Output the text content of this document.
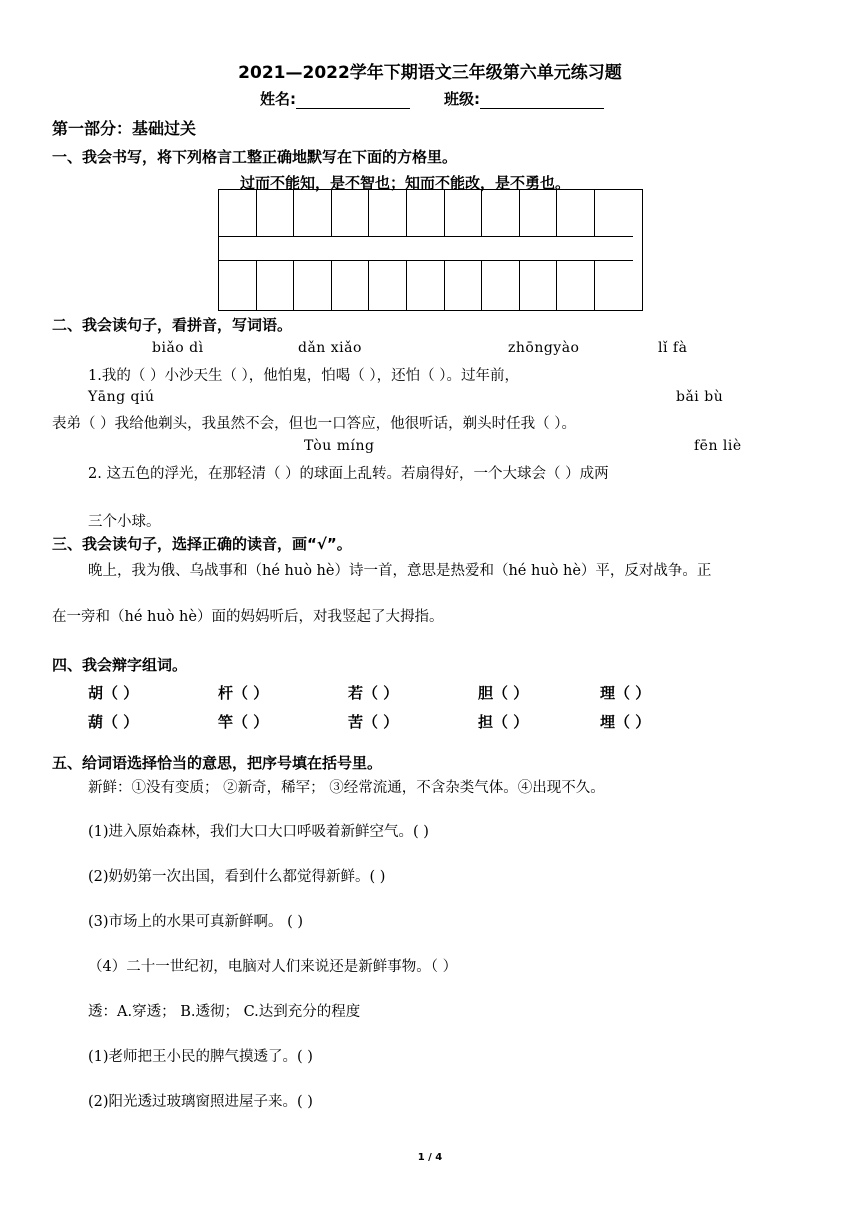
2021—2022学年下期语文三年级第六单元练习题
姓名:	班级:
第一部分：基础过关
一、我会书写，将下列格言工整正确地默写在下面的方格里。
过而不能知，是不智也；知而不能改，是不勇也。
二、我会读句子，看拼音，写词语。
biǎo dì	dǎn xiǎo	zhōngyào	lǐ fà
1.我的（ ）小沙天生（ ），他怕鬼，怕喝（ ），还怕（ ）。过年前，
Yāng qiú	bǎi bù
表弟（ ）我给他剃头，我虽然不会，但也一口答应，他很听话，剃头时任我（ ）。
Tòu míng	fēn liè
2. 这五色的浮光，在那轻清（ ）的球面上乱转。若扇得好，一个大球会（ ）成两
三个小球。
三、我会读句子，选择正确的读音，画“√”。
晚上，我为俄、乌战事和（hé huò hè）诗一首，意思是热爱和（hé huò hè）平，反对战争。正
在一旁和（hé huò hè）面的妈妈听后，对我竖起了大拇指。
四、我会辩字组词。
胡（ ）	杆（ ）	若（ ）	胆（ ）	理（ ）
葫（ ）	竿（ ）	苦（ ）	担（ ）	埋（ ）
五、给词语选择恰当的意思，把序号填在括号里。
新鲜：①没有变质； ②新奇，稀罕； ③经常流通，不含杂类气体。④出现不久。
(1)进入原始森林，我们大口大口呼吸着新鲜空气。( )
(2)奶奶第一次出国，看到什么都觉得新鲜。( )
(3)市场上的水果可真新鲜啊。 ( )
（4）二十一世纪初，电脑对人们来说还是新鲜事物。（ ）
透：A.穿透； B.透彻； C.达到充分的程度
(1)老师把王小民的脾气摸透了。( )
(2)阳光透过玻璃窗照进屋子来。( )
1 / 4
